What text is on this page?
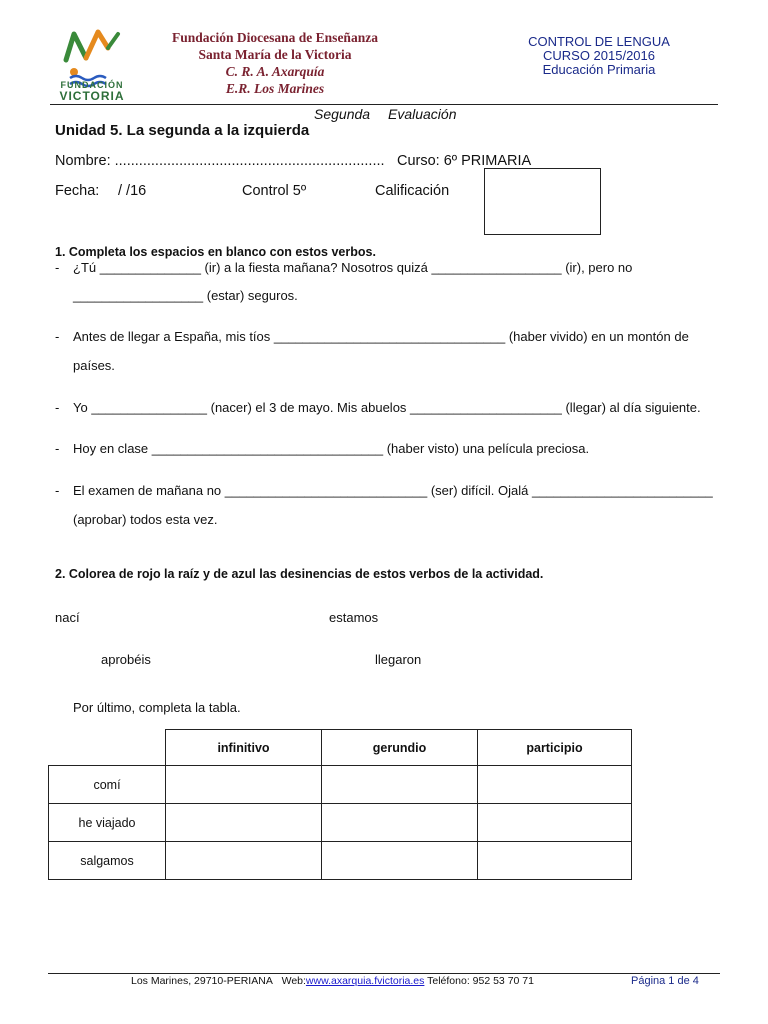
FUNDACIÓN
VICTORIA
Fundación Diocesana de Enseñanza
Santa María de la Victoria
C. R. A. Axarquía
E.R. Los Marines
CONTROL DE LENGUA
CURSO 2015/2016
Educación Primaria
Segunda Evaluación
Unidad 5. La segunda a la izquierda
Nombre: ................................................................... Curso: 6º PRIMARIA
Fecha: / /16	Control 5º	Calificación
1. Completa los espacios en blanco con estos verbos.
- ¿Tú ______________ (ir) a la fiesta mañana? Nosotros quizá __________________ (ir), pero no
__________________ (estar) seguros.
- Antes de llegar a España, mis tíos ________________________________ (haber vivido) en un montón de
países.
- Yo ________________ (nacer) el 3 de mayo. Mis abuelos _____________________ (llegar) al día siguiente.
- Hoy en clase ________________________________ (haber visto) una película preciosa.
- El examen de mañana no ____________________________ (ser) difícil. Ojalá _________________________
(aprobar) todos esta vez.
2. Colorea de rojo la raíz y de azul las desinencias de estos verbos de la actividad.
nací	estamos
aprobéis	llegaron
Por último, completa la tabla.
infinitivo	gerundio	participio
comí
he viajado
salgamos
Los Marines, 29710-PERIANA Web:www.axarquia.fvictoria.es Teléfono: 952 53 70 71	Página 1 de 4
